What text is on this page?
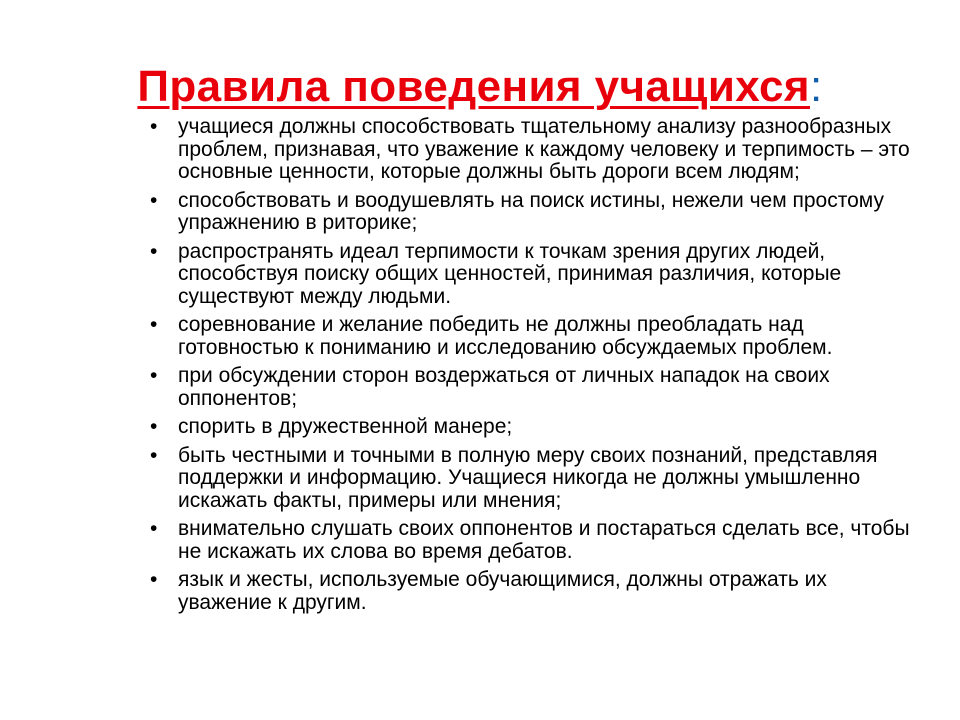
Правила поведения учащихся:
• учащиеся должны способствовать тщательному анализу разнообразных проблем, признавая, что уважение к каждому человеку и терпимость – это основные ценности, которые должны быть дороги всем людям;
• способствовать и воодушевлять на поиск истины, нежели чем простому упражнению в риторике;
• распространять идеал терпимости к точкам зрения других людей, способствуя поиску общих ценностей, принимая различия, которые существуют между людьми.
• соревнование и желание победить не должны преобладать над готовностью к пониманию и исследованию обсуждаемых проблем.
• при обсуждении сторон воздержаться от личных нападок на своих оппонентов;
• спорить в дружественной манере;
• быть честными и точными в полную меру своих познаний, представляя поддержки и информацию. Учащиеся никогда не должны умышленно искажать факты, примеры или мнения;
• внимательно слушать своих оппонентов и постараться сделать все, чтобы не искажать их слова во время дебатов.
• язык и жесты, используемые обучающимися, должны отражать их уважение к другим.
